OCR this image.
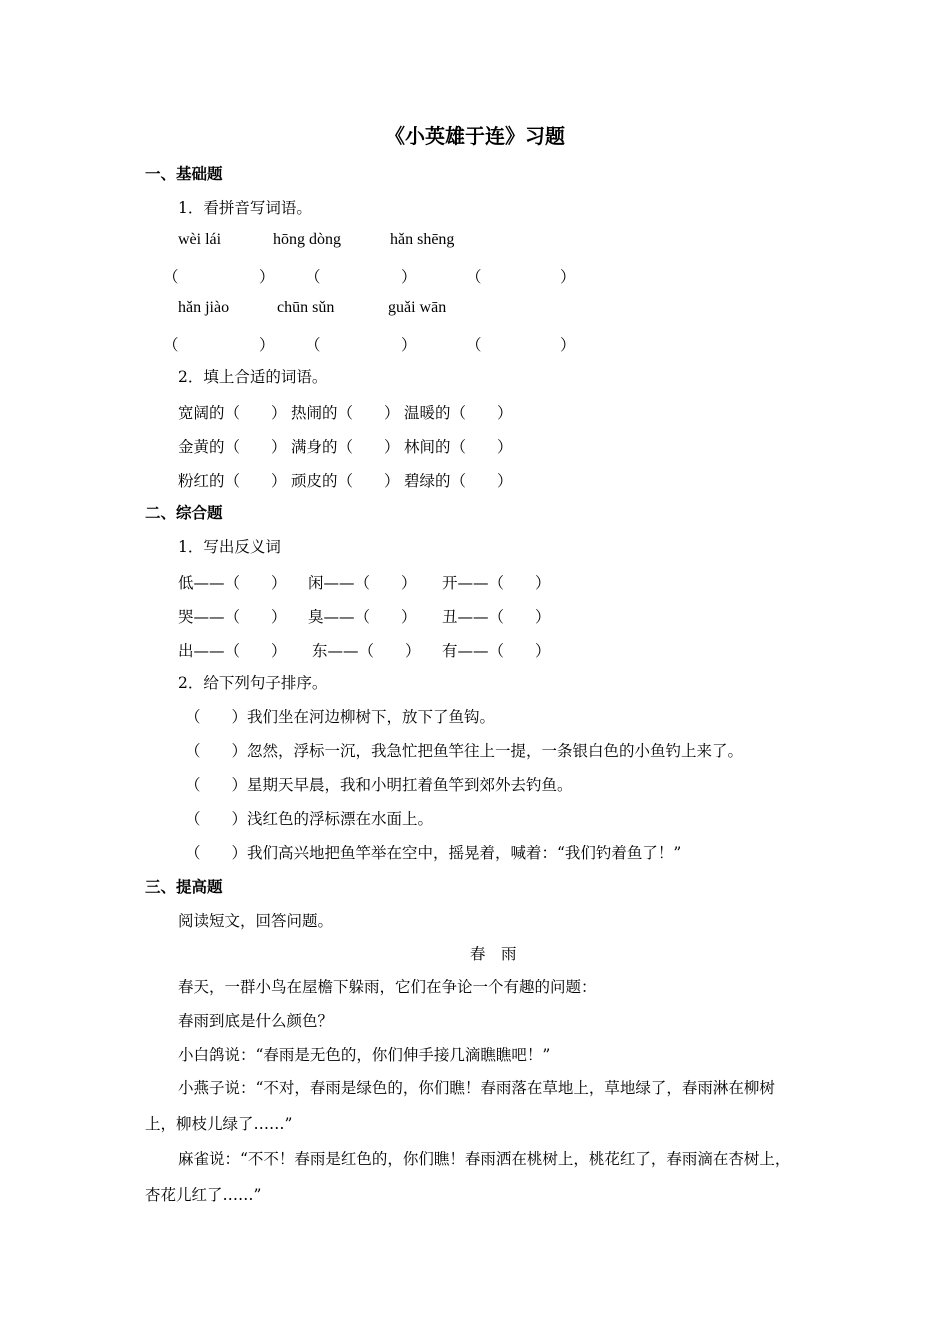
《小英雄于连》习题
一、基础题
1．看拼音写词语。
wèi lái	hōng dòng	hǎn shēng
（	） （	）	（	）
hǎn jiào	chūn sǔn	guǎi wān
（	） （	）	（	）
2．填上合适的词语。
宽阔的（　　） 热闹的（　　） 温暖的（　　）
金黄的（　　） 满身的（　　） 林间的（　　）
粉红的（　　） 顽皮的（　　） 碧绿的（　　）
二、综合题
1．写出反义词
低——（　　） 闲——（　　） 开——（　　）
哭——（　　） 臭——（　　） 丑——（　　）
出——（　　） 东——（　　） 有——（　　）
2．给下列句子排序。
（　　）我们坐在河边柳树下，放下了鱼钩。
（　　）忽然，浮标一沉，我急忙把鱼竿往上一提，一条银白色的小鱼钓上来了。
（　　）星期天早晨，我和小明扛着鱼竿到郊外去钓鱼。
（　　）浅红色的浮标漂在水面上。
（　　）我们高兴地把鱼竿举在空中，摇晃着，喊着：“我们钓着鱼了！”
三、提高题
阅读短文，回答问题。
春　雨
春天，一群小鸟在屋檐下躲雨，它们在争论一个有趣的问题：
春雨到底是什么颜色？
小白鸽说：“春雨是无色的，你们伸手接几滴瞧瞧吧！”
小燕子说：“不对，春雨是绿色的，你们瞧！春雨落在草地上，草地绿了，春雨淋在柳树
上，柳枝儿绿了……”
麻雀说：“不不！春雨是红色的，你们瞧！春雨洒在桃树上，桃花红了，春雨滴在杏树上，
杏花儿红了……”
